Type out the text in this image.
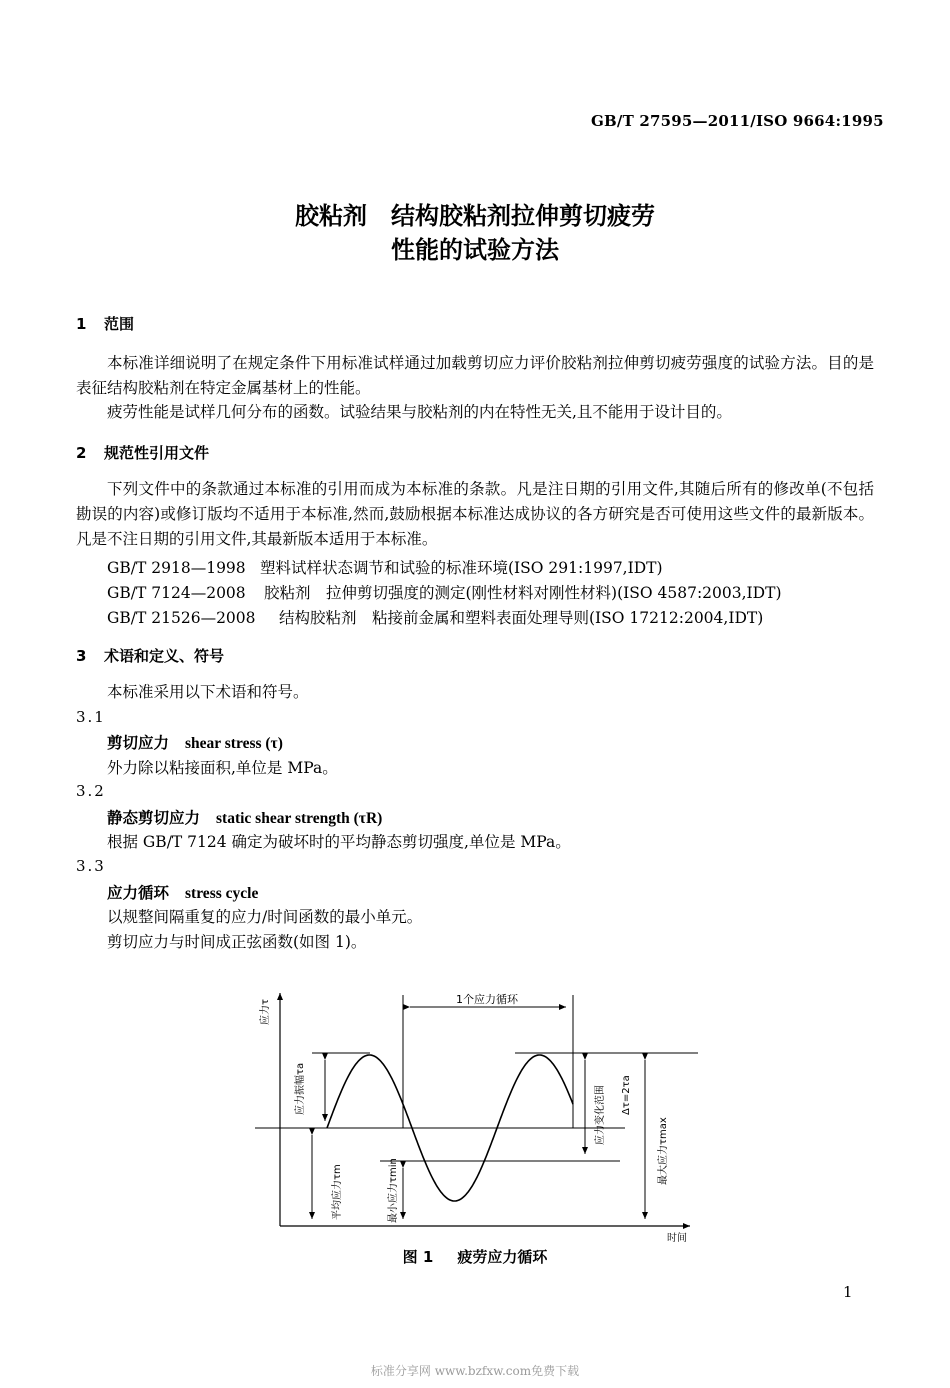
GB/T 27595—2011/ISO 9664:1995
胶粘剂　结构胶粘剂拉伸剪切疲劳
性能的试验方法
1 范围
本标准详细说明了在规定条件下用标准试样通过加载剪切应力评价胶粘剂拉伸剪切疲劳强度的试验方法。目的是表征结构胶粘剂在特定金属基材上的性能。
疲劳性能是试样几何分布的函数。试验结果与胶粘剂的内在特性无关,且不能用于设计目的。
2 规范性引用文件
下列文件中的条款通过本标准的引用而成为本标准的条款。凡是注日期的引用文件,其随后所有的修改单(不包括勘误的内容)或修订版均不适用于本标准,然而,鼓励根据本标准达成协议的各方研究是否可使用这些文件的最新版本。凡是不注日期的引用文件,其最新版本适用于本标准。
GB/T 2918—1998 塑料试样状态调节和试验的标准环境(ISO 291:1997,IDT)
GB/T 7124—2008 胶粘剂　拉伸剪切强度的测定(刚性材料对刚性材料)(ISO 4587:2003,IDT)
GB/T 21526—2008 结构胶粘剂　粘接前金属和塑料表面处理导则(ISO 17212:2004,IDT)
3 术语和定义、符号
本标准采用以下术语和符号。
3.1
剪切应力 shear stress (τ)
外力除以粘接面积,单位是 MPa。
3.2
静态剪切应力 static shear strength (τR)
根据 GB/T 7124 确定为破坏时的平均静态剪切强度,单位是 MPa。
3.3
应力循环 stress cycle
以规整间隔重复的应力/时间函数的最小单元。
剪切应力与时间成正弦函数(如图 1)。
1个应力循环
应力振幅τa
平均应力τm	最小应力τmin
应力变化范围 Δτ=2τa
最大应力τmax
应力τ
时间
图 1 疲劳应力循环
1
标准分享网 www.bzfxw.com免费下载
